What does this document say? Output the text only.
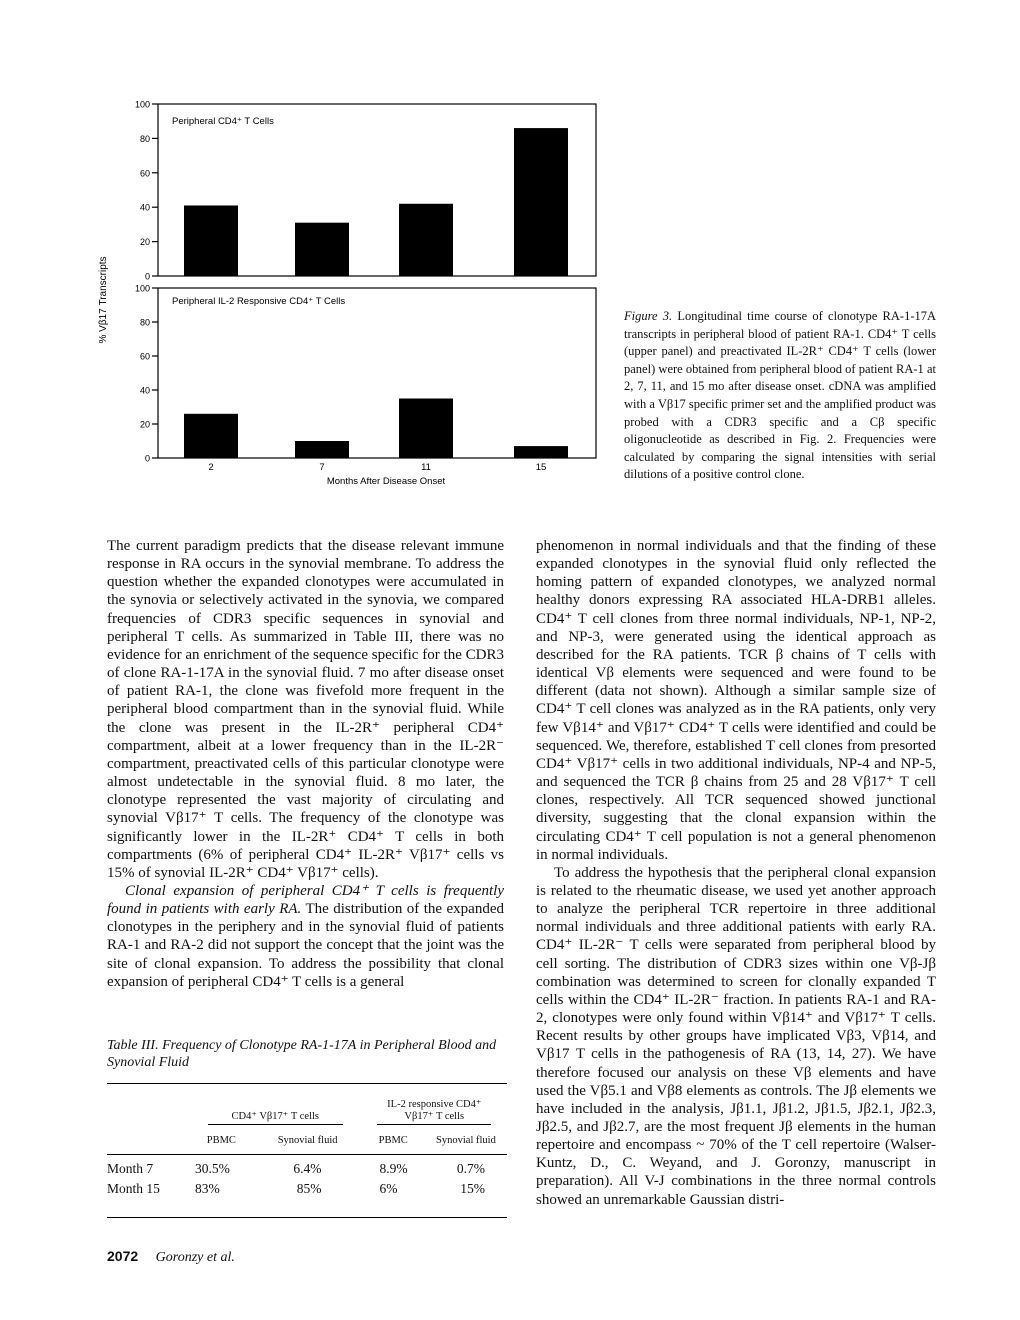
Peripheral CD4⁺ T Cells
0
20
40
60
80
100
Peripheral IL-2 Responsive CD4⁺ T Cells
0
20
40
60
80
100
2	7	11	15
% Vβ17 Transcripts
Months After Disease Onset

Figure 3. Longitudinal time course of clonotype RA-1-17A transcripts in peripheral blood of patient RA-1. CD4⁺ T cells (upper panel) and preactivated IL-2R⁺ CD4⁺ T cells (lower panel) were obtained from peripheral blood of patient RA-1 at 2, 7, 11, and 15 mo after disease onset. cDNA was amplified with a Vβ17 specific primer set and the amplified product was probed with a CDR3 specific and a Cβ specific oligonucleotide as described in Fig. 2. Frequencies were calculated by comparing the signal intensities with serial dilutions of a positive control clone.

The current paradigm predicts that the disease relevant immune response in RA occurs in the synovial membrane. To address the question whether the expanded clonotypes were accumulated in the synovia or selectively activated in the synovia, we compared frequencies of CDR3 specific sequences in synovial and peripheral T cells. As summarized in Table III, there was no evidence for an enrichment of the sequence specific for the CDR3 of clone RA-1-17A in the synovial fluid. 7 mo after disease onset of patient RA-1, the clone was fivefold more frequent in the peripheral blood compartment than in the synovial fluid. While the clone was present in the IL-2R⁺ peripheral CD4⁺ compartment, albeit at a lower frequency than in the IL-2R⁻ compartment, preactivated cells of this particular clonotype were almost undetectable in the synovial fluid. 8 mo later, the clonotype represented the vast majority of circulating and synovial Vβ17⁺ T cells. The frequency of the clonotype was significantly lower in the IL-2R⁺ CD4⁺ T cells in both compartments (6% of peripheral CD4⁺ IL-2R⁺ Vβ17⁺ cells vs 15% of synovial IL-2R⁺ CD4⁺ Vβ17⁺ cells).

Clonal expansion of peripheral CD4⁺ T cells is frequently found in patients with early RA. The distribution of the expanded clonotypes in the periphery and in the synovial fluid of patients RA-1 and RA-2 did not support the concept that the joint was the site of clonal expansion. To address the possibility that clonal expansion of peripheral CD4⁺ T cells is a general

Table III. Frequency of Clonotype RA-1-17A in Peripheral Blood and Synovial Fluid

	CD4⁺ Vβ17⁺ T cells		IL-2 responsive CD4⁺
Vβ17⁺ T cells	
	PBMC	Synovial fluid	PBMC	Synovial fluid
Month 7	30.5%	6.4%	8.9%	0.7%
Month 15	83%	85%	6%	15%

phenomenon in normal individuals and that the finding of these expanded clonotypes in the synovial fluid only reflected the homing pattern of expanded clonotypes, we analyzed normal healthy donors expressing RA associated HLA-DRB1 alleles. CD4⁺ T cell clones from three normal individuals, NP-1, NP-2, and NP-3, were generated using the identical approach as described for the RA patients. TCR β chains of T cells with identical Vβ elements were sequenced and were found to be different (data not shown). Although a similar sample size of CD4⁺ T cell clones was analyzed as in the RA patients, only very few Vβ14⁺ and Vβ17⁺ CD4⁺ T cells were identified and could be sequenced. We, therefore, established T cell clones from presorted CD4⁺ Vβ17⁺ cells in two additional individuals, NP-4 and NP-5, and sequenced the TCR β chains from 25 and 28 Vβ17⁺ T cell clones, respectively. All TCR sequenced showed junctional diversity, suggesting that the clonal expansion within the circulating CD4⁺ T cell population is not a general phenomenon in normal individuals.

To address the hypothesis that the peripheral clonal expansion is related to the rheumatic disease, we used yet another approach to analyze the peripheral TCR repertoire in three additional normal individuals and three additional patients with early RA. CD4⁺ IL-2R⁻ T cells were separated from peripheral blood by cell sorting. The distribution of CDR3 sizes within one Vβ-Jβ combination was determined to screen for clonally expanded T cells within the CD4⁺ IL-2R⁻ fraction. In patients RA-1 and RA-2, clonotypes were only found within Vβ14⁺ and Vβ17⁺ T cells. Recent results by other groups have implicated Vβ3, Vβ14, and Vβ17 T cells in the pathogenesis of RA (13, 14, 27). We have therefore focused our analysis on these Vβ elements and have used the Vβ5.1 and Vβ8 elements as controls. The Jβ elements we have included in the analysis, Jβ1.1, Jβ1.2, Jβ1.5, Jβ2.1, Jβ2.3, Jβ2.5, and Jβ2.7, are the most frequent Jβ elements in the human repertoire and encompass ~ 70% of the T cell repertoire (Walser-Kuntz, D., C. Weyand, and J. Goronzy, manuscript in preparation). All V-J combinations in the three normal controls showed an unremarkable Gaussian distri-

2072 Goronzy et al.
